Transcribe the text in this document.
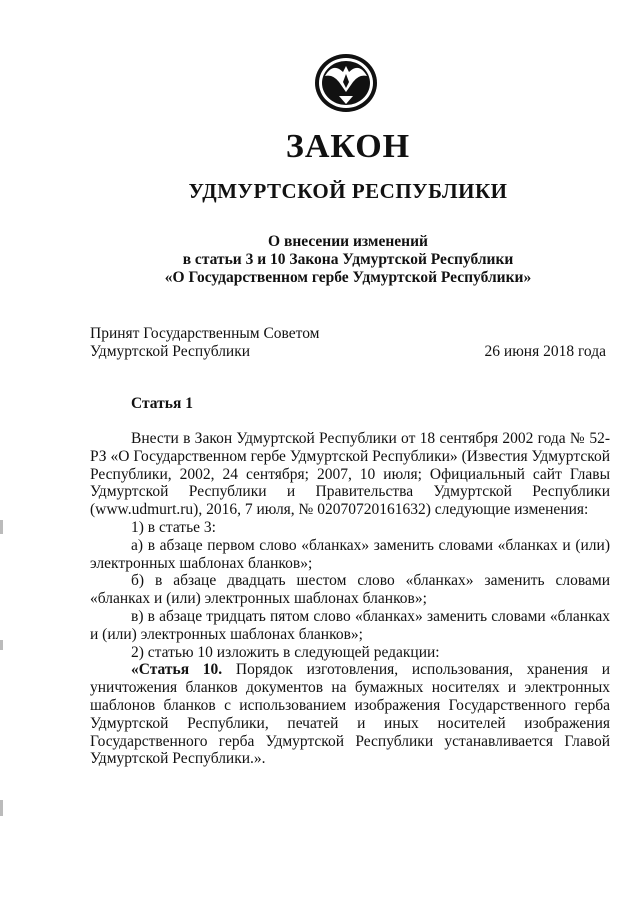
ЗАКОН
УДМУРТСКОЙ РЕСПУБЛИКИ
О внесении изменений
в статьи 3 и 10 Закона Удмуртской Республики
«О Государственном гербе Удмуртской Республики»
Принят Государственным Советом
Удмуртской Республики	26 июня 2018 года
Статья 1

Внести в Закон Удмуртской Республики от 18 сентября 2002 года № 52-РЗ «О Государственном гербе Удмуртской Республики» (Известия Удмуртской Республики, 2002, 24 сентября; 2007, 10 июля; Официальный сайт Главы Удмуртской Республики и Правительства Удмуртской Республики (www.udmurt.ru), 2016, 7 июля, № 02070720161632) следующие изменения:

1) в статье 3:

а) в абзаце первом слово «бланках» заменить словами «бланках и (или) электронных шаблонах бланков»;

б) в абзаце двадцать шестом слово «бланках» заменить словами «бланках и (или) электронных шаблонах бланков»;

в) в абзаце тридцать пятом слово «бланках» заменить словами «бланках и (или) электронных шаблонах бланков»;

2) статью 10 изложить в следующей редакции:

«Статья 10. Порядок изготовления, использования, хранения и уничтожения бланков документов на бумажных носителях и электронных шаблонов бланков с использованием изображения Государственного герба Удмуртской Республики, печатей и иных носителей изображения Государственного герба Удмуртской Республики устанавливается Главой Удмуртской Республики.».
